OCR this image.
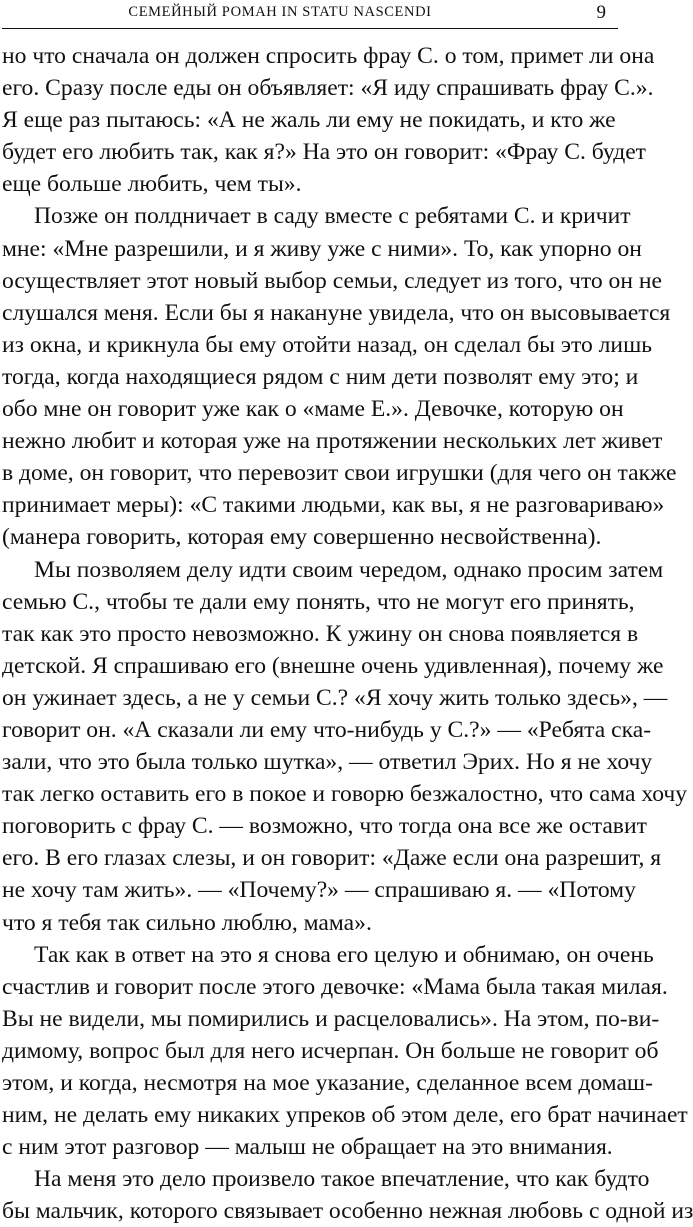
СЕМЕЙНЫЙ РОМАН IN STATU NASCENDI	9
но что сначала он должен спросить фрау С. о том, примет ли она
его. Сразу после еды он объявляет: «Я иду спрашивать фрау С.».
Я еще раз пытаюсь: «А не жаль ли ему не покидать, и кто же
будет его любить так, как я?» На это он говорит: «Фрау С. будет
еще больше любить, чем ты».
Позже он полдничает в саду вместе с ребятами С. и кричит
мне: «Мне разрешили, и я живу уже с ними». То, как упорно он
осуществляет этот новый выбор семьи, следует из того, что он не
слушался меня. Если бы я накануне увидела, что он высовывается
из окна, и крикнула бы ему отойти назад, он сделал бы это лишь
тогда, когда находящиеся рядом с ним дети позволят ему это; и
обо мне он говорит уже как о «маме Е.». Девочке, которую он
нежно любит и которая уже на протяжении нескольких лет живет
в доме, он говорит, что перевозит свои игрушки (для чего он также
принимает меры): «С такими людьми, как вы, я не разговариваю»
(манера говорить, которая ему совершенно несвойственна).
Мы позволяем делу идти своим чередом, однако просим затем
семью С., чтобы те дали ему понять, что не могут его принять,
так как это просто невозможно. К ужину он снова появляется в
детской. Я спрашиваю его (внешне очень удивленная), почему же
он ужинает здесь, а не у семьи С.? «Я хочу жить только здесь», —
говорит он. «А сказали ли ему что-нибудь у С.?» — «Ребята ска-
зали, что это была только шутка», — ответил Эрих. Но я не хочу
так легко оставить его в покое и говорю безжалостно, что сама хочу
поговорить с фрау С. — возможно, что тогда она все же оставит
его. В его глазах слезы, и он говорит: «Даже если она разрешит, я
не хочу там жить». — «Почему?» — спрашиваю я. — «Потому
что я тебя так сильно люблю, мама».
Так как в ответ на это я снова его целую и обнимаю, он очень
счастлив и говорит после этого девочке: «Мама была такая милая.
Вы не видели, мы помирились и расцеловались». На этом, по-ви-
димому, вопрос был для него исчерпан. Он больше не говорит об
этом, и когда, несмотря на мое указание, сделанное всем домаш-
ним, не делать ему никаких упреков об этом деле, его брат начинает
с ним этот разговор — малыш не обращает на это внимания.
На меня это дело произвело такое впечатление, что как будто
бы мальчик, которого связывает особенно нежная любовь с одной из
